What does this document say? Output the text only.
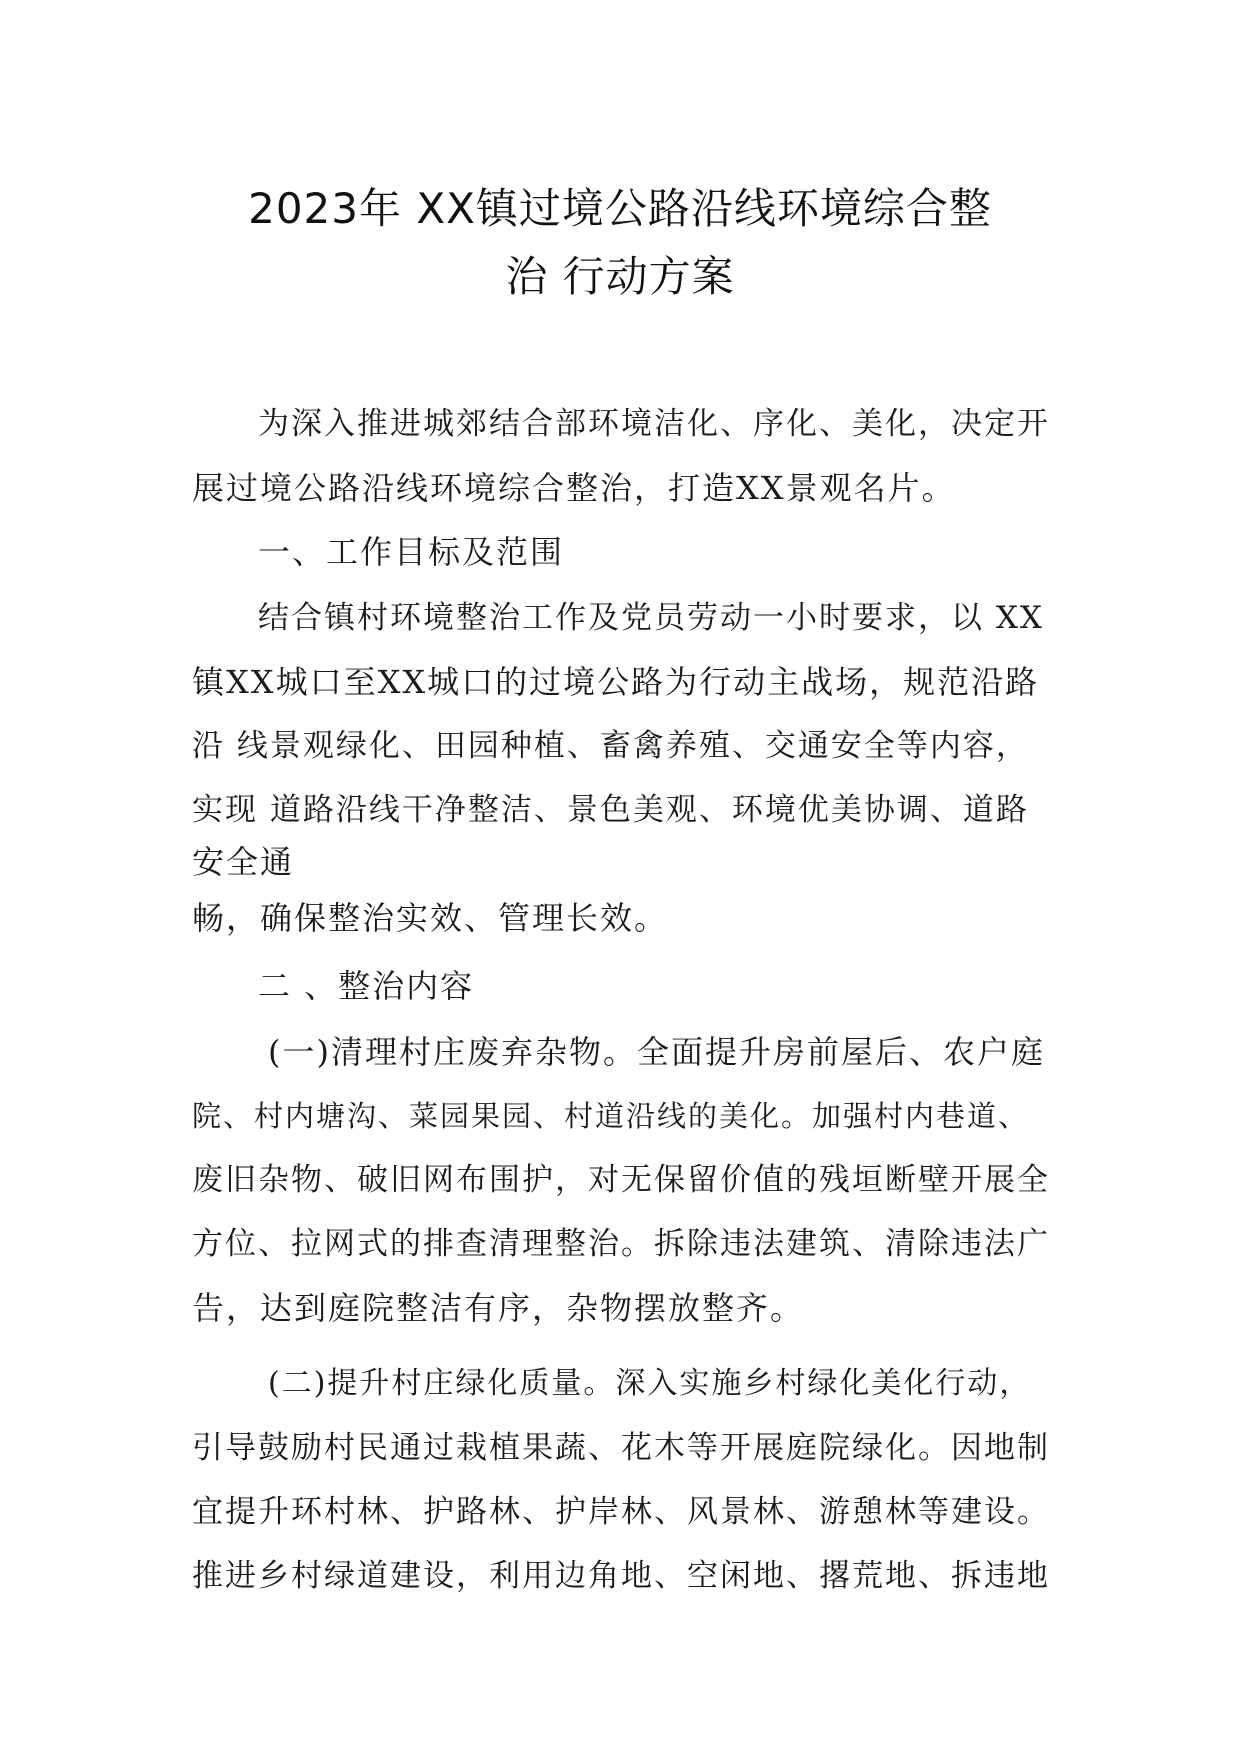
2023年 XX镇过境公路沿线环境综合整
治 行动方案
为深入推进城郊结合部环境洁化、序化、美化，决定开
展过境公路沿线环境综合整治，打造XX景观名片。
一、工作目标及范围
结合镇村环境整治工作及党员劳动一小时要求，以 XX
镇XX城口至XX城口的过境公路为行动主战场，规范沿路
沿 线景观绿化、田园种植、畜禽养殖、交通安全等内容，
实现 道路沿线干净整洁、景色美观、环境优美协调、道路
安全通
畅，确保整治实效、管理长效。
二 、整治内容
(一)清理村庄废弃杂物。全面提升房前屋后、农户庭
院、村内塘沟、菜园果园、村道沿线的美化。加强村内巷道、
废旧杂物、破旧网布围护，对无保留价值的残垣断壁开展全
方位、拉网式的排查清理整治。拆除违法建筑、清除违法广
告，达到庭院整洁有序，杂物摆放整齐。
(二)提升村庄绿化质量。深入实施乡村绿化美化行动，
引导鼓励村民通过栽植果蔬、花木等开展庭院绿化。因地制
宜提升环村林、护路林、护岸林、风景林、游憩林等建设。
推进乡村绿道建设，利用边角地、空闲地、撂荒地、拆违地
